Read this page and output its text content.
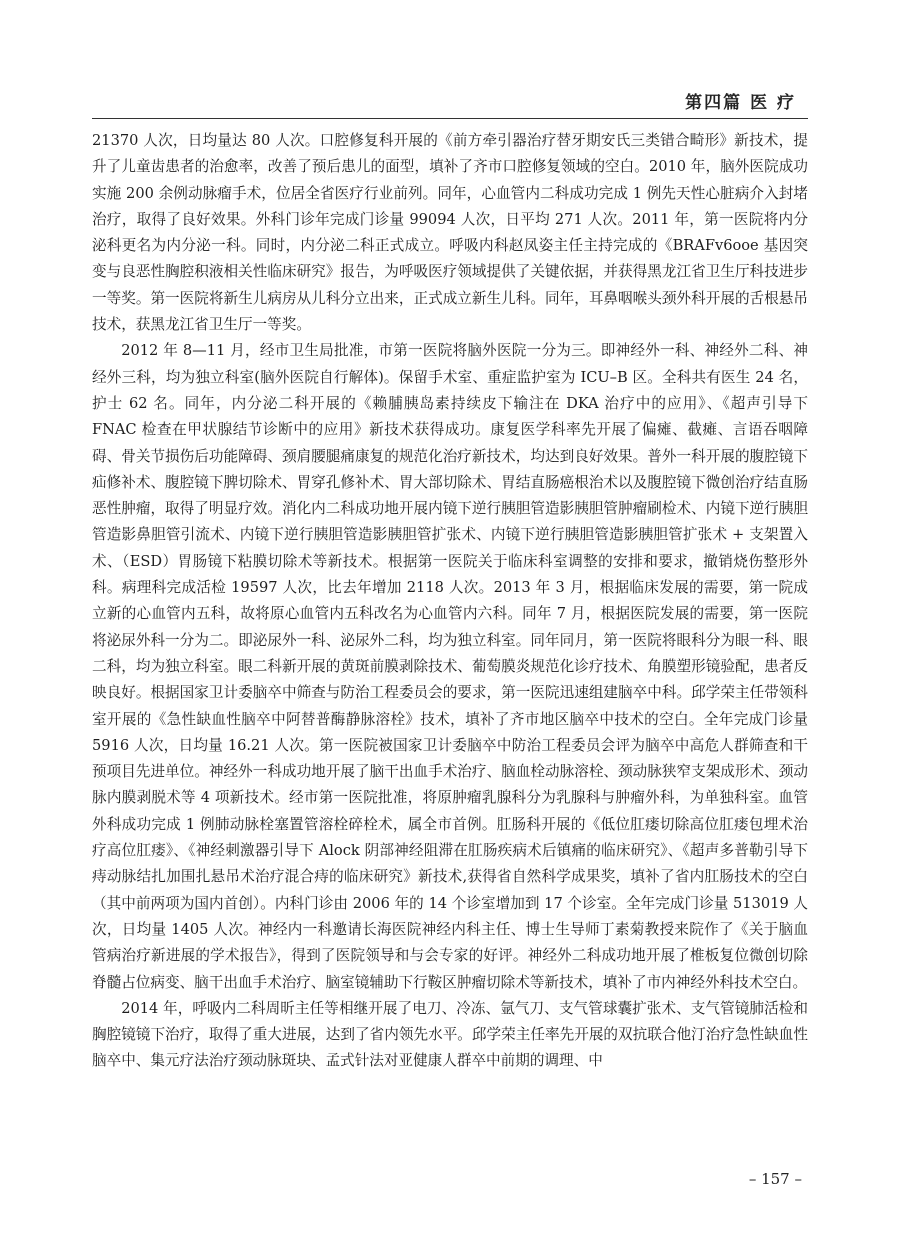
第四篇 医 疗

21370 人次，日均量达 80 人次。口腔修复科开展的《前方牵引器治疗替牙期安氏三类错合畸形》新技术，提升了儿童齿患者的治愈率，改善了预后患儿的面型，填补了齐市口腔修复领域的空白。2010 年，脑外医院成功实施 200 余例动脉瘤手术，位居全省医疗行业前列。同年，心血管内二科成功完成 1 例先天性心脏病介入封堵治疗，取得了良好效果。外科门诊年完成门诊量 99094 人次，日平均 271 人次。2011 年，第一医院将内分泌科更名为内分泌一科。同时，内分泌二科正式成立。呼吸内科赵凤姿主任主持完成的《BRAFv6ooe 基因突变与良恶性胸腔积液相关性临床研究》报告，为呼吸医疗领域提供了关键依据，并获得黑龙江省卫生厅科技进步一等奖。第一医院将新生儿病房从儿科分立出来，正式成立新生儿科。同年，耳鼻咽喉头颈外科开展的舌根悬吊技术，获黑龙江省卫生厅一等奖。

2012 年 8—11 月，经市卫生局批准，市第一医院将脑外医院一分为三。即神经外一科、神经外二科、神经外三科，均为独立科室(脑外医院自行解体)。保留手术室、重症监护室为 ICU–B 区。全科共有医生 24 名，护士 62 名。同年，内分泌二科开展的《赖脯胰岛素持续皮下输注在 DKA 治疗中的应用》、《超声引导下 FNAC 检查在甲状腺结节诊断中的应用》新技术获得成功。康复医学科率先开展了偏瘫、截瘫、言语吞咽障碍、骨关节损伤后功能障碍、颈肩腰腿痛康复的规范化治疗新技术，均达到良好效果。普外一科开展的腹腔镜下疝修补术、腹腔镜下脾切除术、胃穿孔修补术、胃大部切除术、胃结直肠癌根治术以及腹腔镜下微创治疗结直肠恶性肿瘤，取得了明显疗效。消化内二科成功地开展内镜下逆行胰胆管造影胰胆管肿瘤刷检术、内镜下逆行胰胆管造影鼻胆管引流术、内镜下逆行胰胆管造影胰胆管扩张术、内镜下逆行胰胆管造影胰胆管扩张术 + 支架置入术、（ESD）胃肠镜下粘膜切除术等新技术。根据第一医院关于临床科室调整的安排和要求，撤销烧伤整形外科。病理科完成活检 19597 人次，比去年增加 2118 人次。2013 年 3 月，根据临床发展的需要，第一院成立新的心血管内五科，故将原心血管内五科改名为心血管内六科。同年 7 月，根据医院发展的需要，第一医院将泌尿外科一分为二。即泌尿外一科、泌尿外二科，均为独立科室。同年同月，第一医院将眼科分为眼一科、眼二科，均为独立科室。眼二科新开展的黄斑前膜剥除技术、葡萄膜炎规范化诊疗技术、角膜塑形镜验配，患者反映良好。根据国家卫计委脑卒中筛查与防治工程委员会的要求，第一医院迅速组建脑卒中科。邱学荣主任带领科室开展的《急性缺血性脑卒中阿替普酶静脉溶栓》技术，填补了齐市地区脑卒中技术的空白。全年完成门诊量 5916 人次，日均量 16.21 人次。第一医院被国家卫计委脑卒中防治工程委员会评为脑卒中高危人群筛查和干预项目先进单位。神经外一科成功地开展了脑干出血手术治疗、脑血栓动脉溶栓、颈动脉狭窄支架成形术、颈动脉内膜剥脱术等 4 项新技术。经市第一医院批准，将原肿瘤乳腺科分为乳腺科与肿瘤外科，为单独科室。血管外科成功完成 1 例肺动脉栓塞置管溶栓碎栓术，属全市首例。肛肠科开展的《低位肛瘘切除高位肛瘘包埋术治疗高位肛瘘》、《神经刺激器引导下 Alock 阴部神经阻滞在肛肠疾病术后镇痛的临床研究》、《超声多普勒引导下痔动脉结扎加围扎悬吊术治疗混合痔的临床研究》新技术,获得省自然科学成果奖，填补了省内肛肠技术的空白（其中前两项为国内首创）。内科门诊由 2006 年的 14 个诊室增加到 17 个诊室。全年完成门诊量 513019 人次，日均量 1405 人次。神经内一科邀请长海医院神经内科主任、博士生导师丁素菊教授来院作了《关于脑血管病治疗新进展的学术报告》，得到了医院领导和与会专家的好评。神经外二科成功地开展了椎板复位微创切除脊髓占位病变、脑干出血手术治疗、脑室镜辅助下行鞍区肿瘤切除术等新技术，填补了市内神经外科技术空白。

2014 年，呼吸内二科周昕主任等相继开展了电刀、冷冻、氩气刀、支气管球囊扩张术、支气管镜肺活检和胸腔镜镜下治疗，取得了重大进展，达到了省内领先水平。邱学荣主任率先开展的双抗联合他汀治疗急性缺血性脑卒中、集元疗法治疗颈动脉斑块、孟式针法对亚健康人群卒中前期的调理、中

– 157 –
